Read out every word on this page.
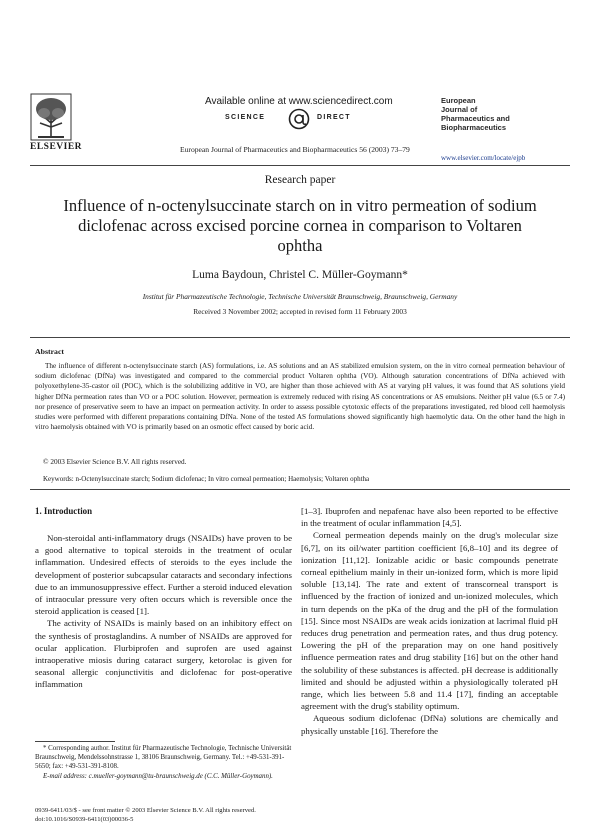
ELSEVIER
Available online at www.sciencedirect.com
SCIENCE	DIRECT
European Journal of Pharmaceutics and Biopharmaceutics 56 (2003) 73–79
European
Journal of
Pharmaceutics and
Biopharmaceutics
www.elsevier.com/locate/ejpb
Research paper
Influence of n-octenylsuccinate starch on in vitro permeation of sodium diclofenac across excised porcine cornea in comparison to Voltaren ophtha
Luma Baydoun, Christel C. Müller-Goymann*
Institut für Pharmazeutische Technologie, Technische Universität Braunschweig, Braunschweig, Germany
Received 3 November 2002; accepted in revised form 11 February 2003
Abstract
The influence of different n-octenylsuccinate starch (AS) formulations, i.e. AS solutions and an AS stabilized emulsion system, on the in vitro corneal permeation behaviour of sodium diclofenac (DfNa) was investigated and compared to the commercial product Voltaren ophtha (VO). Although saturation concentrations of DfNa achieved with polyoxethylene-35-castor oil (POC), which is the solubilizing additive in VO, are higher than those achieved with AS at varying pH values, it was found that AS solutions yield higher DfNa permeation rates than VO or a POC solution. However, permeation is extremely reduced with rising AS concentrations or AS emulsions. Neither pH value (6.5 or 7.4) nor presence of preservative seem to have an impact on permeation activity. In order to assess possible cytotoxic effects of the preparations investigated, red blood cell haemolysis studies were performed with different preparations containing DfNa. None of the tested AS formulations showed significantly high haemolytic data. On the other hand the high in vitro haemolysis obtained with VO is primarily based on an osmotic effect caused by boric acid.
© 2003 Elsevier Science B.V. All rights reserved.
Keywords: n-Octenylsuccinate starch; Sodium diclofenac; In vitro corneal permeation; Haemolysis; Voltaren ophtha
1. Introduction

Non-steroidal anti-inflammatory drugs (NSAIDs) have proven to be a good alternative to topical steroids in the treatment of ocular inflammation. Undesired effects of steroids to the eyes include the development of posterior subcapsular cataracts and secondary infections due to an immunosuppressive effect. Further a steroid induced elevation of intraocular pressure very often occurs which is reversible once the steroid application is ceased [1].

The activity of NSAIDs is mainly based on an inhibitory effect on the synthesis of prostaglandins. A number of NSAIDs are approved for ocular application. Flurbiprofen and suprofen are used against intraoperative miosis during cataract surgery, ketorolac is given for seasonal allergic conjunctivitis and diclofenac for post-operative inflammation

[1–3]. Ibuprofen and nepafenac have also been reported to be effective in the treatment of ocular inflammation [4,5].

Corneal permeation depends mainly on the drug's molecular size [6,7], on its oil/water partition coefficient [6,8–10] and its degree of ionization [11,12]. Ionizable acidic or basic compounds penetrate corneal epithelium mainly in their un-ionized form, which is more lipid soluble [13,14]. The rate and extent of transcorneal transport is influenced by the fraction of ionized and un-ionized molecules, which in turn depends on the pKa of the drug and the pH of the formulation [15]. Since most NSAIDs are weak acids ionization at lacrimal fluid pH reduces drug penetration and permeation rates, and thus drug potency. Lowering the pH of the preparation may on one hand positively influence permeation rates and drug stability [16] but on the other hand the solubility of these substances is affected. pH decrease is additionally limited and should be adjusted within a physiologically tolerated pH range, which lies between 5.8 and 11.4 [17], finding an acceptable agreement with the drug's stability optimum.

Aqueous sodium diclofenac (DfNa) solutions are chemically and physically unstable [16]. Therefore the

* Corresponding author. Institut für Pharmazeutische Technologie, Technische Universität Braunschweig, Mendelssohnstrasse 1, 38106 Braunschweig, Germany. Tel.: +49-531-391-5650; fax: +49-531-391-8108.

E-mail address: c.mueller-goymann@tu-braunschweig.de (C.C. Müller-Goymann).

0939-6411/03/$ - see front matter © 2003 Elsevier Science B.V. All rights reserved.
doi:10.1016/S0939-6411(03)00036-5
